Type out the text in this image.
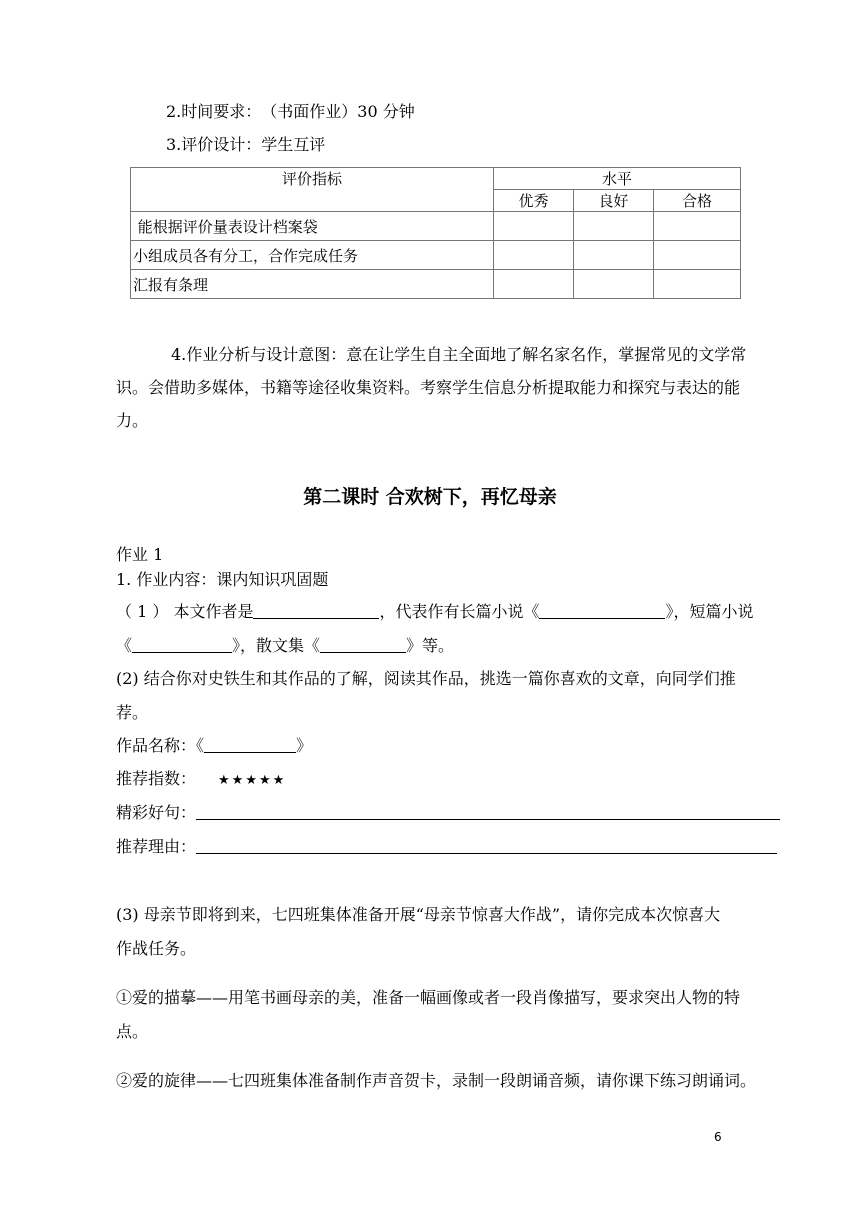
2.时间要求：　（书面作业）30 分钟
3.评价设计：学生互评
评价指标	水平		
	优秀	良好	合格
能根据评价量表设计档案袋			
小组成员各有分工，合作完成任务			
汇报有条理			
4.作业分析与设计意图：意在让学生自主全面地了解名家名作，掌握常见的文学常
识。会借助多媒体，书籍等途径收集资料。考察学生信息分析提取能力和探究与表达的能
力。
第二课时 合欢树下，再忆母亲
作业 1
1. 作业内容：课内知识巩固题
（ 1 ） 本文作者是	，代表作有长篇小说《	》，短篇小说
《	》，散文集《	》等。
(2) 结合你对史铁生和其作品的了解，阅读其作品，挑选一篇你喜欢的文章，向同学们推
荐。
作品名称：《	》
推荐指数： ★★★★★
精彩好句：
推荐理由：
(3) 母亲节即将到来，七四班集体准备开展“母亲节惊喜大作战”，请你完成本次惊喜大
作战任务。
①爱的描摹——用笔书画母亲的美，准备一幅画像或者一段肖像描写，要求突出人物的特
点。
②爱的旋律——七四班集体准备制作声音贺卡，录制一段朗诵音频，请你课下练习朗诵词。
6
